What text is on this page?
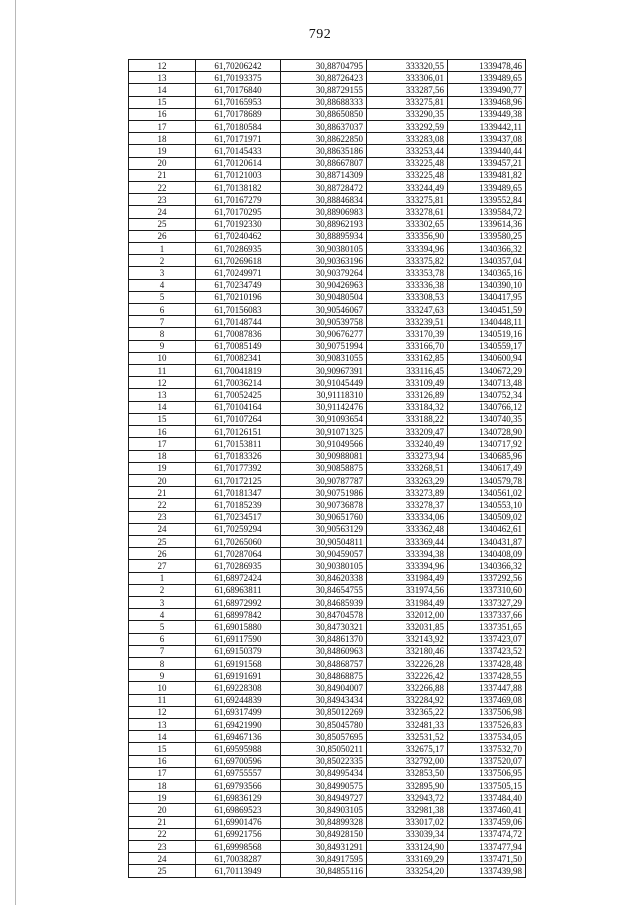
792
12	61,70206242	30,88704795	333320,55	1339478,46
13	61,70193375	30,88726423	333306,01	1339489,65
14	61,70176840	30,88729155	333287,56	1339490,77
15	61,70165953	30,88688333	333275,81	1339468,96
16	61,70178689	30,88650850	333290,35	1339449,38
17	61,70180584	30,88637037	333292,59	1339442,11
18	61,70171971	30,88622850	333283,08	1339437,08
19	61,70145433	30,88635186	333253,44	1339440,44
20	61,70120614	30,88667807	333225,48	1339457,21
21	61,70121003	30,88714309	333225,48	1339481,82
22	61,70138182	30,88728472	333244,49	1339489,65
23	61,70167279	30,88846834	333275,81	1339552,84
24	61,70170295	30,88906983	333278,61	1339584,72
25	61,70192330	30,88962193	333302,65	1339614,36
26	61,70240462	30,88895934	333356,90	1339580,25
1	61,70286935	30,90380105	333394,96	1340366,32
2	61,70269618	30,90363196	333375,82	1340357,04
3	61,70249971	30,90379264	333353,78	1340365,16
4	61,70234749	30,90426963	333336,38	1340390,10
5	61,70210196	30,90480504	333308,53	1340417,95
6	61,70156083	30,90546067	333247,63	1340451,59
7	61,70148744	30,90539758	333239,51	1340448,11
8	61,70087836	30,90676277	333170,39	1340519,16
9	61,70085149	30,90751994	333166,70	1340559,17
10	61,70082341	30,90831055	333162,85	1340600,94
11	61,70041819	30,90967391	333116,45	1340672,29
12	61,70036214	30,91045449	333109,49	1340713,48
13	61,70052425	30,91118310	333126,89	1340752,34
14	61,70104164	30,91142476	333184,32	1340766,12
15	61,70107264	30,91093654	333188,22	1340740,35
16	61,70126151	30,91071325	333209,47	1340728,90
17	61,70153811	30,91049566	333240,49	1340717,92
18	61,70183326	30,90988081	333273,94	1340685,96
19	61,70177392	30,90858875	333268,51	1340617,49
20	61,70172125	30,90787787	333263,29	1340579,78
21	61,70181347	30,90751986	333273,89	1340561,02
22	61,70185239	30,90736878	333278,37	1340553,10
23	61,70234517	30,90651760	333334,06	1340509,02
24	61,70259294	30,90563129	333362,48	1340462,61
25	61,70265060	30,90504811	333369,44	1340431,87
26	61,70287064	30,90459057	333394,38	1340408,09
27	61,70286935	30,90380105	333394,96	1340366,32
1	61,68972424	30,84620338	331984,49	1337292,56
2	61,68963811	30,84654755	331974,56	1337310,60
3	61,68972992	30,84685939	331984,49	1337327,29
4	61,68997842	30,84704578	332012,00	1337337,66
5	61,69015880	30,84730321	332031,85	1337351,65
6	61,69117590	30,84861370	332143,92	1337423,07
7	61,69150379	30,84860963	332180,46	1337423,52
8	61,69191568	30,84868757	332226,28	1337428,48
9	61,69191691	30,84868875	332226,42	1337428,55
10	61,69228308	30,84904007	332266,88	1337447,88
11	61,69244839	30,84943434	332284,92	1337469,08
12	61,69317499	30,85012269	332365,22	1337506,98
13	61,69421990	30,85045780	332481,33	1337526,83
14	61,69467136	30,85057695	332531,52	1337534,05
15	61,69595988	30,85050211	332675,17	1337532,70
16	61,69700596	30,85022335	332792,00	1337520,07
17	61,69755557	30,84995434	332853,50	1337506,95
18	61,69793566	30,84990575	332895,90	1337505,15
19	61,69836129	30,84949727	332943,72	1337484,40
20	61,69869523	30,84903105	332981,38	1337460,41
21	61,69901476	30,84899328	333017,02	1337459,06
22	61,69921756	30,84928150	333039,34	1337474,72
23	61,69998568	30,84931291	333124,90	1337477,94
24	61,70038287	30,84917595	333169,29	1337471,50
25	61,70113949	30,84855116	333254,20	1337439,98
